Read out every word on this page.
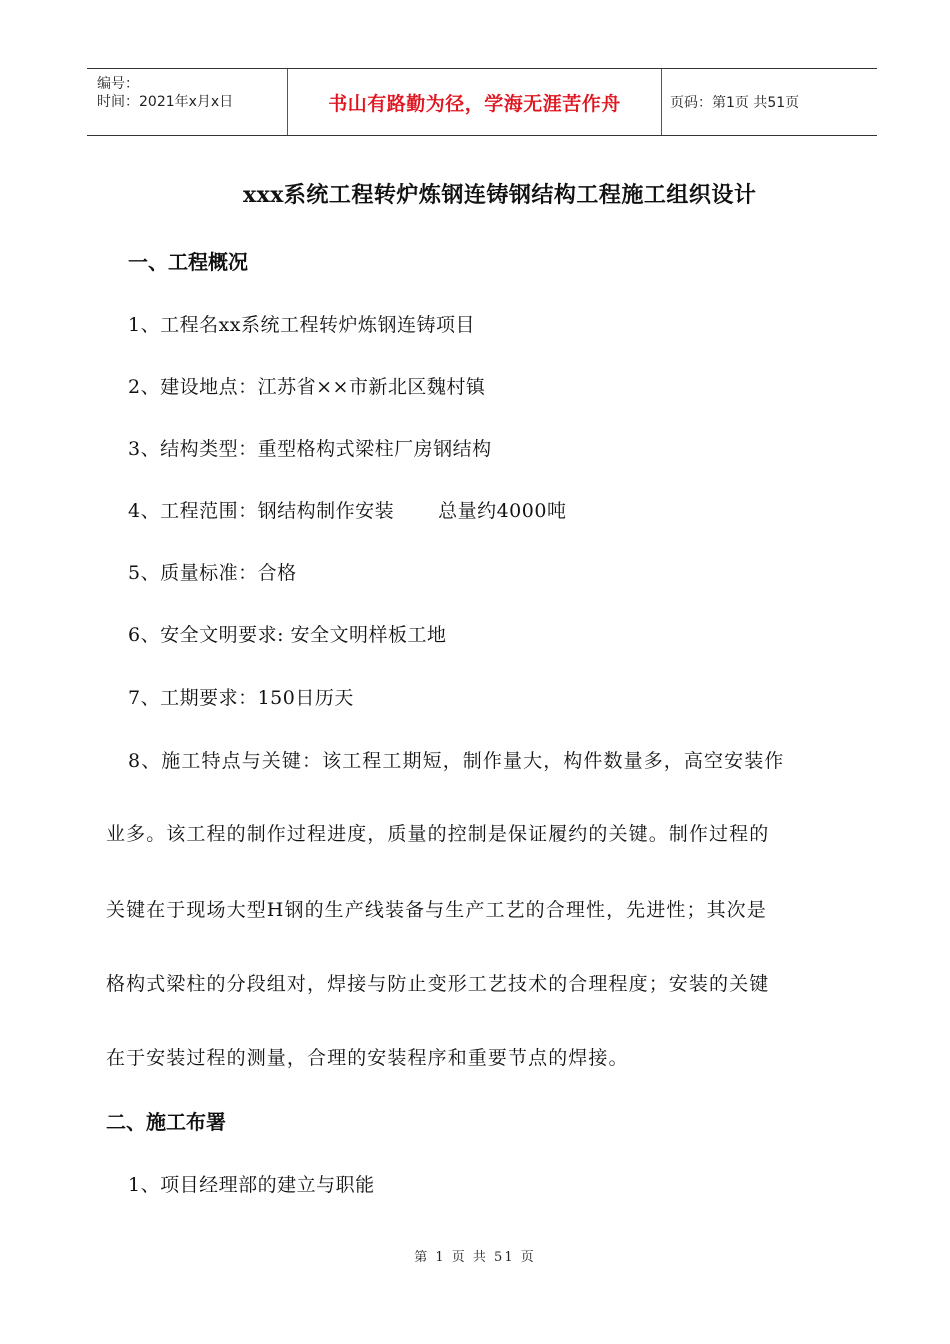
编号：
时间：2021年x月x日	书山有路勤为径，学海无涯苦作舟	页码：第1页 共51页
xxx系统工程转炉炼钢连铸钢结构工程施工组织设计
一、工程概况
1、工程名xx系统工程转炉炼钢连铸项目
2、建设地点：江苏省××市新北区魏村镇
3、结构类型：重型格构式梁柱厂房钢结构
4、工程范围：钢结构制作安装 总量约4000吨
5、质量标准：合格
6、安全文明要求: 安全文明样板工地
7、工期要求：150日历天
8、施工特点与关键：该工程工期短，制作量大，构件数量多，高空安装作
业多。该工程的制作过程进度，质量的控制是保证履约的关键。制作过程的
关键在于现场大型H钢的生产线装备与生产工艺的合理性，先进性；其次是
格构式梁柱的分段组对，焊接与防止变形工艺技术的合理程度；安装的关键
在于安装过程的测量，合理的安装程序和重要节点的焊接。
二、施工布署
1、项目经理部的建立与职能
第 1 页 共 51 页
